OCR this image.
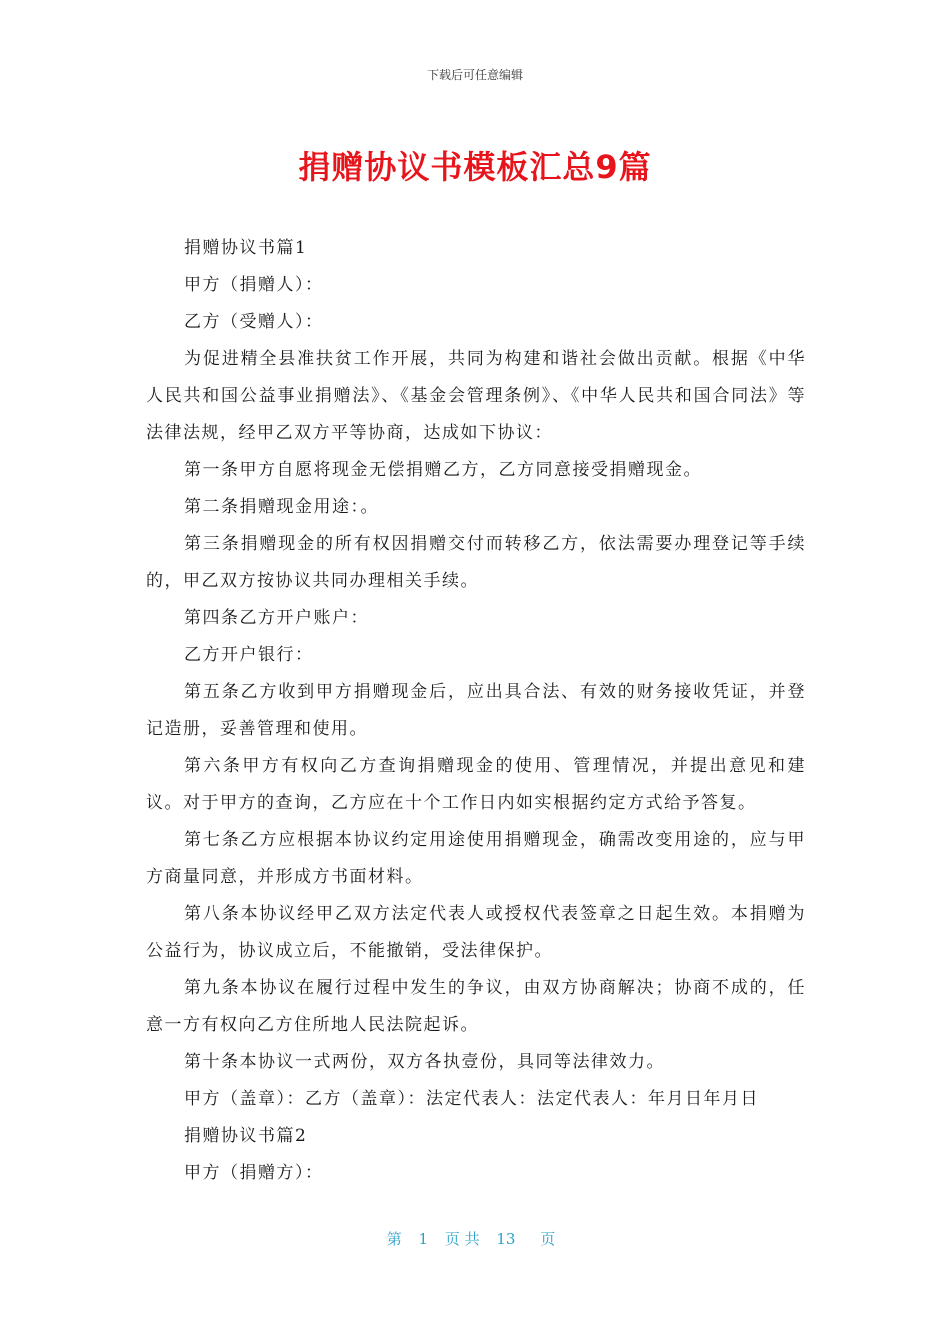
下载后可任意编辑
捐赠协议书模板汇总9篇

捐赠协议书篇1

甲方（捐赠人）：

乙方（受赠人）：

为促进精全县准扶贫工作开展，共同为构建和谐社会做出贡献。根据《中华人民共和国公益事业捐赠法》、《基金会管理条例》、《中华人民共和国合同法》等法律法规，经甲乙双方平等协商，达成如下协议：

第一条甲方自愿将现金无偿捐赠乙方，乙方同意接受捐赠现金。

第二条捐赠现金用途：。

第三条捐赠现金的所有权因捐赠交付而转移乙方，依法需要办理登记等手续的，甲乙双方按协议共同办理相关手续。

第四条乙方开户账户：

乙方开户银行：

第五条乙方收到甲方捐赠现金后，应出具合法、有效的财务接收凭证，并登记造册，妥善管理和使用。

第六条甲方有权向乙方查询捐赠现金的使用、管理情况，并提出意见和建议。对于甲方的查询，乙方应在十个工作日内如实根据约定方式给予答复。

第七条乙方应根据本协议约定用途使用捐赠现金，确需改变用途的，应与甲方商量同意，并形成方书面材料。

第八条本协议经甲乙双方法定代表人或授权代表签章之日起生效。本捐赠为公益行为，协议成立后，不能撤销，受法律保护。

第九条本协议在履行过程中发生的争议，由双方协商解决；协商不成的，任意一方有权向乙方住所地人民法院起诉。

第十条本协议一式两份，双方各执壹份，具同等法律效力。

甲方（盖章）：乙方（盖章）：法定代表人：法定代表人：年月日年月日

捐赠协议书篇2

甲方（捐赠方）：

第 1 页 共 13 页
